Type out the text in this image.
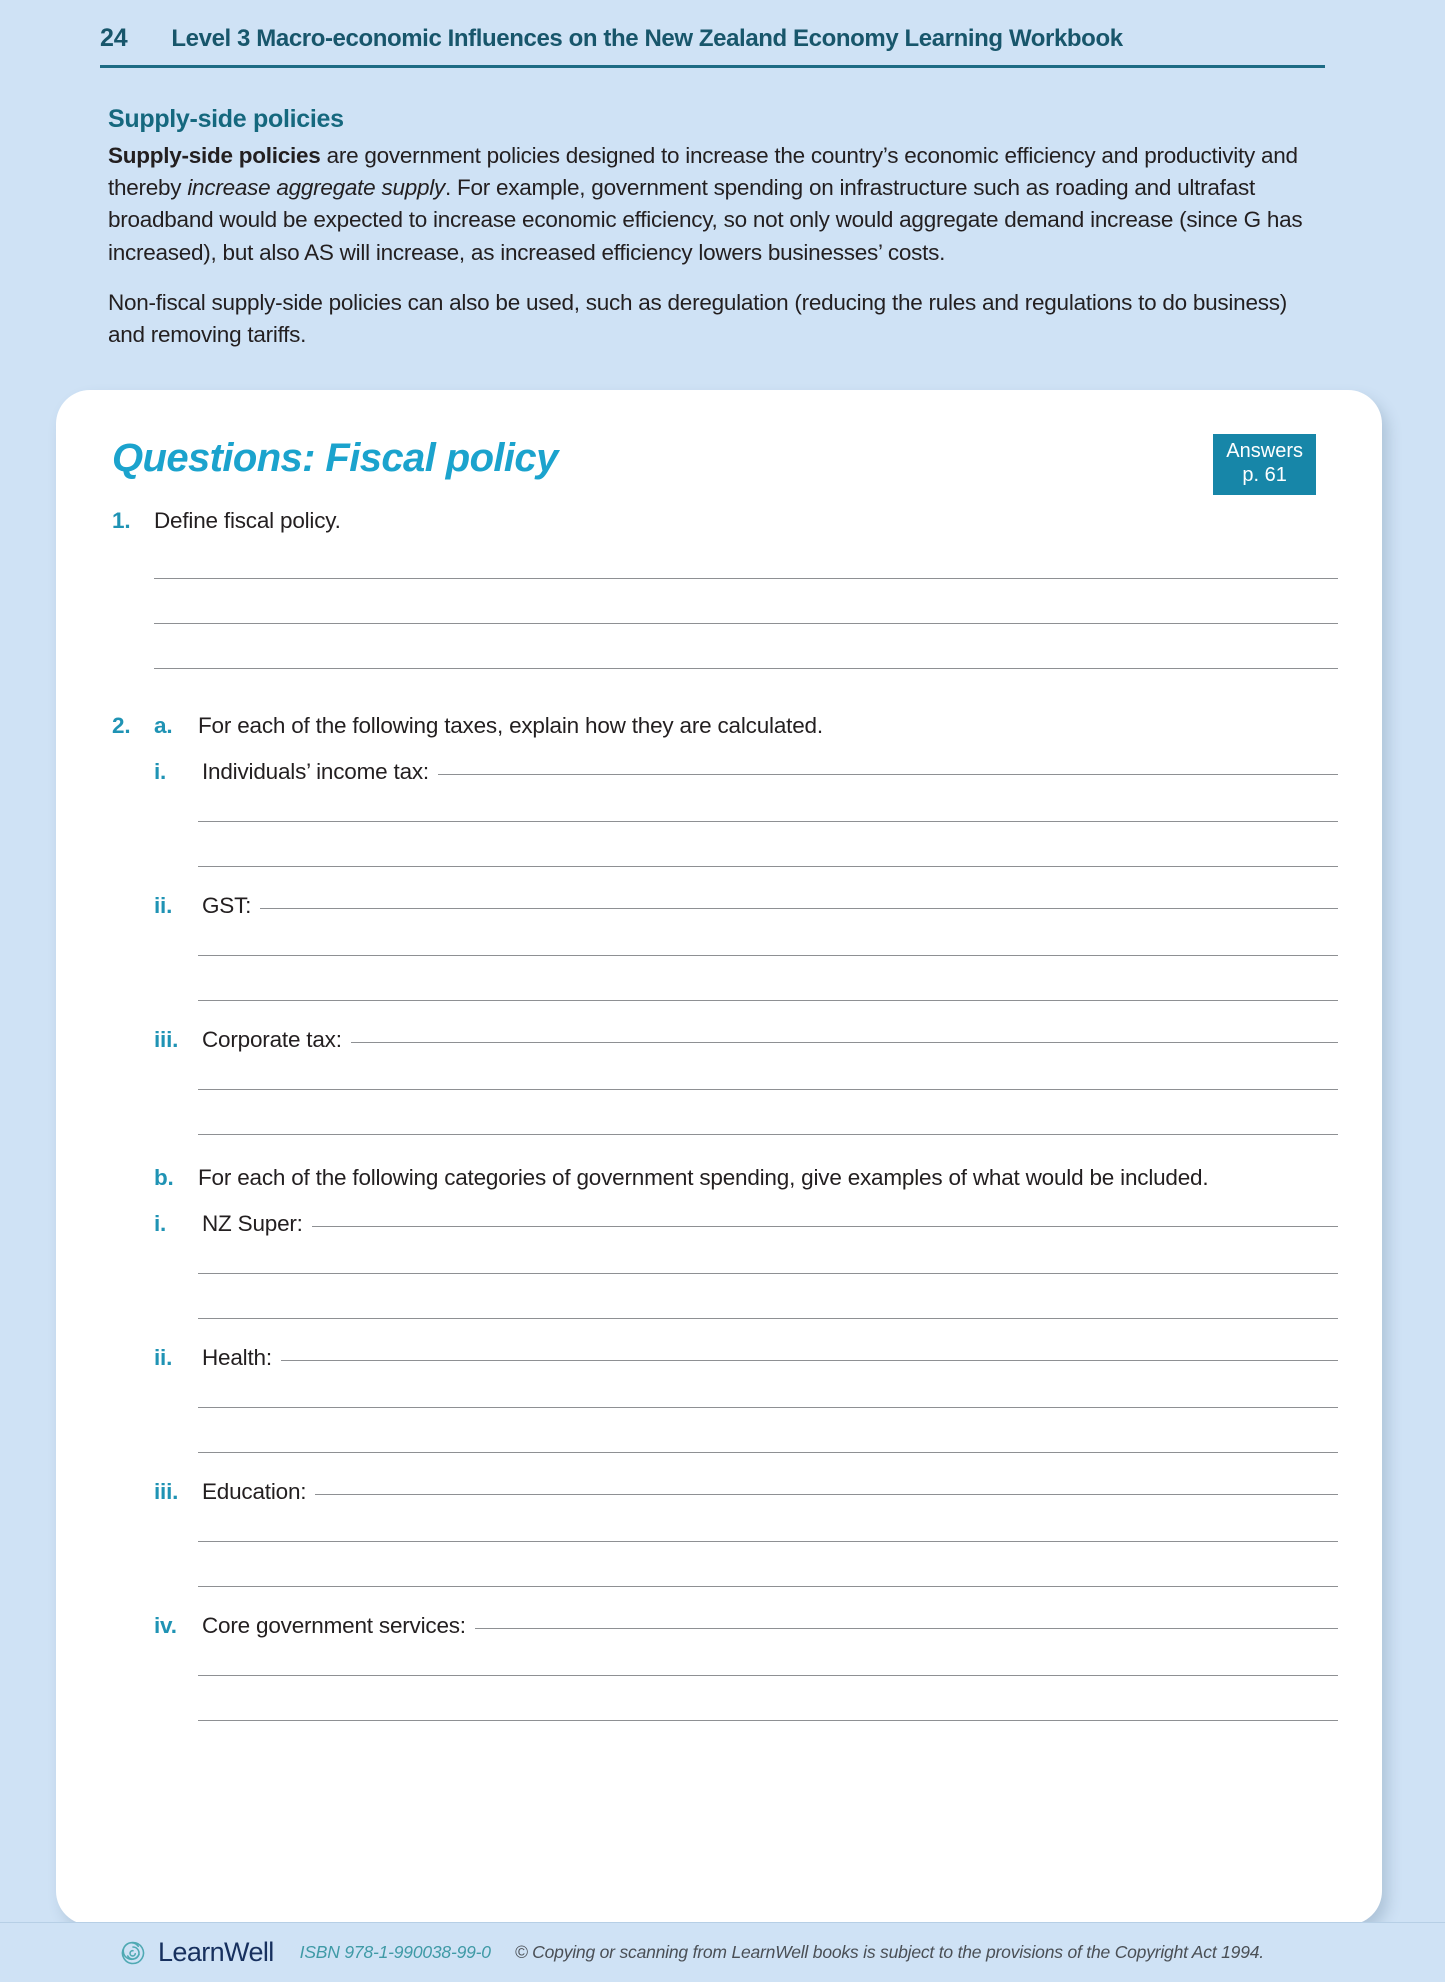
24 Level 3 Macro-economic Influences on the New Zealand Economy Learning Workbook
Supply-side policies

Supply-side policies are government policies designed to increase the country’s economic efficiency and productivity and thereby increase aggregate supply. For example, government spending on infrastructure such as roading and ultrafast broadband would be expected to increase economic efficiency, so not only would aggregate demand increase (since G has increased), but also AS will increase, as increased efficiency lowers businesses’ costs.

Non-fiscal supply-side policies can also be used, such as deregulation (reducing the rules and regulations to do business) and removing tariffs.

Questions: Fiscal policy	Answers
p. 61
1.	Define fiscal policy.
2.	a.	For each of the following taxes, explain how they are calculated.
i.	Individuals’ income tax:
ii.	GST:
iii.	Corporate tax:
b.	For each of the following categories of government spending, give examples of what would be included.
i.	NZ Super:
ii.	Health:
iii.	Education:
iv.	Core government services:
LearnWell ISBN 978-1-990038-99-0 © Copying or scanning from LearnWell books is subject to the provisions of the Copyright Act 1994.
